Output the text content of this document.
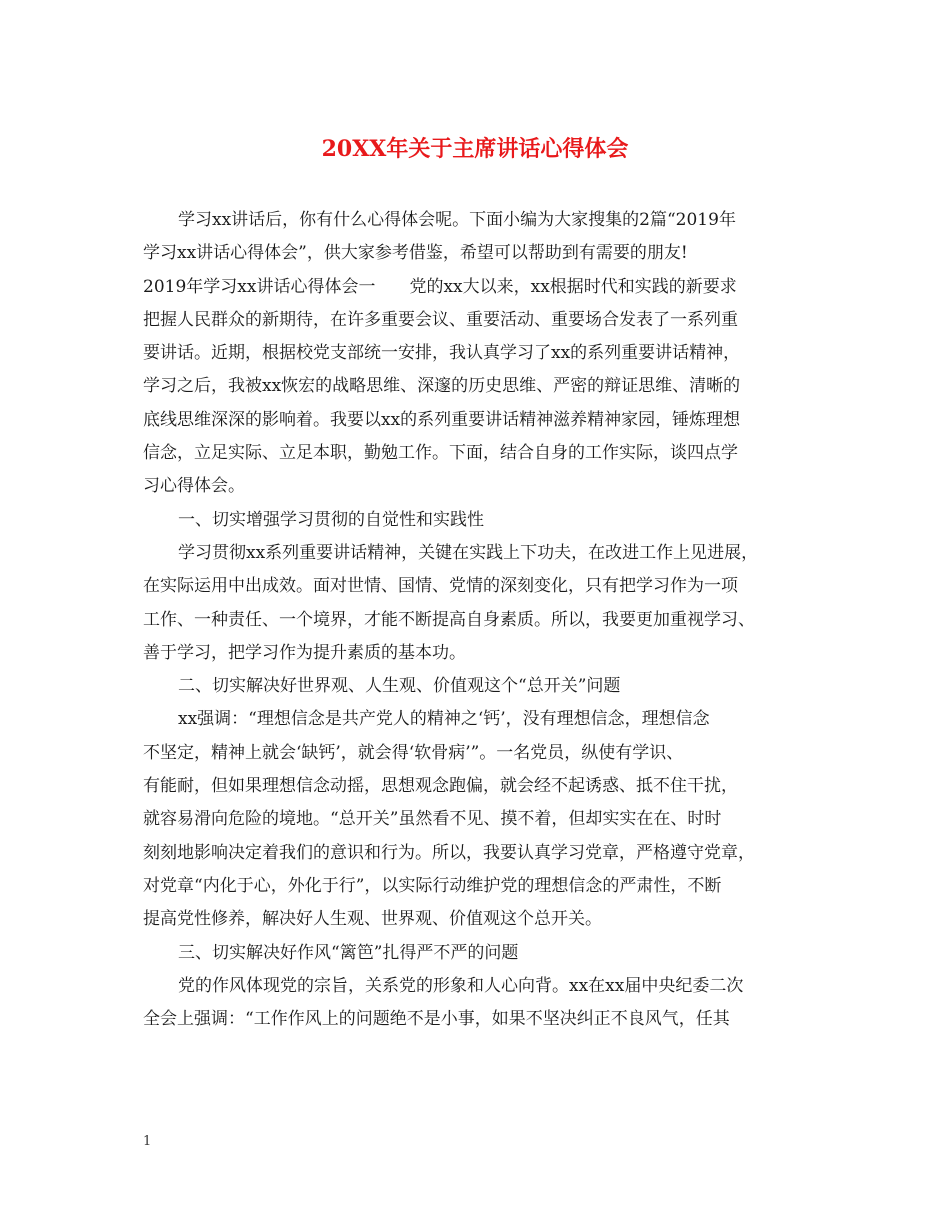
20XX年关于主席讲话心得体会
学习xx讲话后，你有什么心得体会呢。下面小编为大家搜集的2篇“2019年
学习xx讲话心得体会”，供大家参考借鉴，希望可以帮助到有需要的朋友!
2019年学习xx讲话心得体会一　　党的xx大以来，xx根据时代和实践的新要求
把握人民群众的新期待，在许多重要会议、重要活动、重要场合发表了一系列重
要讲话。近期，根据校党支部统一安排，我认真学习了xx的系列重要讲话精神，
学习之后，我被xx恢宏的战略思维、深邃的历史思维、严密的辩证思维、清晰的
底线思维深深的影响着。我要以xx的系列重要讲话精神滋养精神家园，锤炼理想
信念，立足实际、立足本职，勤勉工作。下面，结合自身的工作实际，谈四点学
习心得体会。
一、切实增强学习贯彻的自觉性和实践性
学习贯彻xx系列重要讲话精神，关键在实践上下功夫，在改进工作上见进展，
在实际运用中出成效。面对世情、国情、党情的深刻变化，只有把学习作为一项
工作、一种责任、一个境界，才能不断提高自身素质。所以，我要更加重视学习、
善于学习，把学习作为提升素质的基本功。
二、切实解决好世界观、人生观、价值观这个“总开关”问题
xx强调：“理想信念是共产党人的精神之‘钙’，没有理想信念，理想信念
不坚定，精神上就会‘缺钙’，就会得‘软骨病’”。一名党员，纵使有学识、
有能耐，但如果理想信念动摇，思想观念跑偏，就会经不起诱惑、抵不住干扰，
就容易滑向危险的境地。“总开关”虽然看不见、摸不着，但却实实在在、时时
刻刻地影响决定着我们的意识和行为。所以，我要认真学习党章，严格遵守党章，
对党章“内化于心，外化于行”，以实际行动维护党的理想信念的严肃性，不断
提高党性修养，解决好人生观、世界观、价值观这个总开关。
三、切实解决好作风“篱笆”扎得严不严的问题
党的作风体现党的宗旨，关系党的形象和人心向背。xx在xx届中央纪委二次
全会上强调：“工作作风上的问题绝不是小事，如果不坚决纠正不良风气，任其
1
